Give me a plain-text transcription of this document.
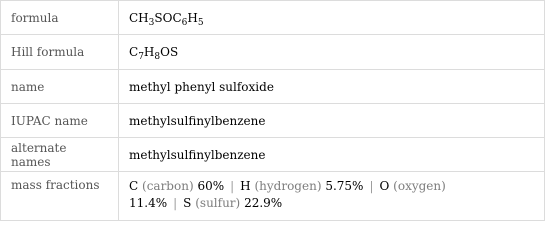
formula	$CH_3SOC_6H_5$
Hill formula	$C_7H_8OS$
name	methyl phenyl sulfoxide
IUPAC name	methylsulfinylbenzene
alternate names	methylsulfinylbenzene
mass fractions	C (carbon) 60% | H (hydrogen) 5.75% | O (oxygen)
11.4% | S (sulfur) 22.9%
